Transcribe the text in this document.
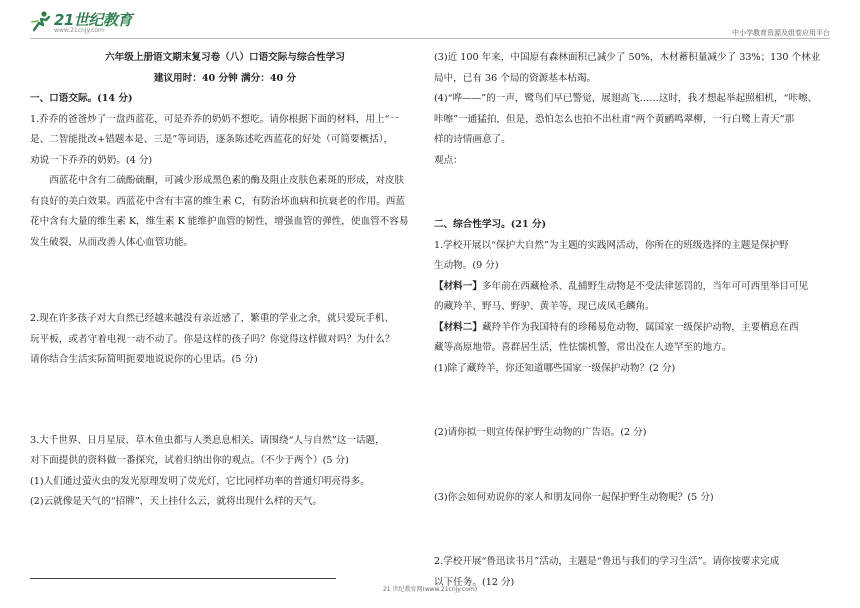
21世纪教育
www.21cnjy.com	中小学教育资源及组卷应用平台

六年级上册语文期末复习卷（八）口语交际与综合性学习

建议用时：40 分钟 满分：40 分

一、口语交际。(14 分)

1.乔乔的爸爸炒了一盘西蓝花，可是乔乔的奶奶不想吃。请你根据下面的材料，用上“一

是、二智能批改+错题本是、三是”等词语，逐条陈述吃西蓝花的好处（可简要概括），

劝说一下乔乔的奶奶。(4 分)

西蓝花中含有二硫酚硫酮，可减少形成黑色素的酶及阻止皮肤色素斑的形成，对皮肤

有良好的美白效果。西蓝花中含有丰富的维生素 C，有防治坏血病和抗衰老的作用。西蓝

花中含有大量的维生素 K，维生素 K 能维护血管的韧性，增强血管的弹性，使血管不容易

发生破裂，从而改善人体心血管功能。

2.现在许多孩子对大自然已经越来越没有亲近感了，繁重的学业之余，就只爱玩手机、

玩平板，或者守着电视一动不动了。你是这样的孩子吗？你觉得这样做对吗？为什么？

请你结合生活实际简明扼要地说说你的心里话。(5 分)

3.大千世界、日月星辰、草木鱼虫都与人类息息相关。请围绕“人与自然”这一话题，

对下面提供的资料做一番探究，试着归纳出你的观点。（不少于两个）(5 分)

(1)人们通过萤火虫的发光原理发明了荧光灯，它比同样功率的普通灯明亮得多。

(2)云就像是天气的“招牌”，天上挂什么云，就将出现什么样的天气。

(3)近 100 年来，中国原有森林面积已减少了 50%，木材蓄积量减少了 33%；130 个林业

局中，已有 36 个局的资源基本枯竭。

(4)“哗——”的一声，鹭鸟们早已警觉，展翅高飞……这时，我才想起举起照相机，“咔嚓、

咔嚓”一通猛拍，但是，恐怕怎么也拍不出杜甫“两个黄鹂鸣翠柳，一行白鹭上青天”那

样的诗情画意了。

观点：

二、综合性学习。(21 分)

1.学校开展以“保护大自然”为主题的实践网活动，你所在的班级选择的主题是保护野

生动物。(9 分)

【材料一】多年前在西藏枪杀、乱捕野生动物是不受法律惩罚的，当年可可西里举目可见

的藏羚羊、野马、野驴、黄羊等，现已成凤毛麟角。

【材料二】藏羚羊作为我国特有的珍稀易危动物，属国家一级保护动物，主要栖息在西

藏等高原地带。喜群居生活，性怯懦机警，常出没在人迹罕至的地方。

(1)除了藏羚羊，你还知道哪些国家一级保护动物？(2 分)

(2)请你拟一则宣传保护野生动物的广告语。(2 分)

(3)你会如何劝说你的家人和朋友同你一起保护野生动物呢？(5 分)

2.学校开展“鲁迅读书月”活动，主题是“鲁迅与我们的学习生活”。请你按要求完成

以下任务。(12 分)

21 世纪教育网(www.21cnjy.com)
